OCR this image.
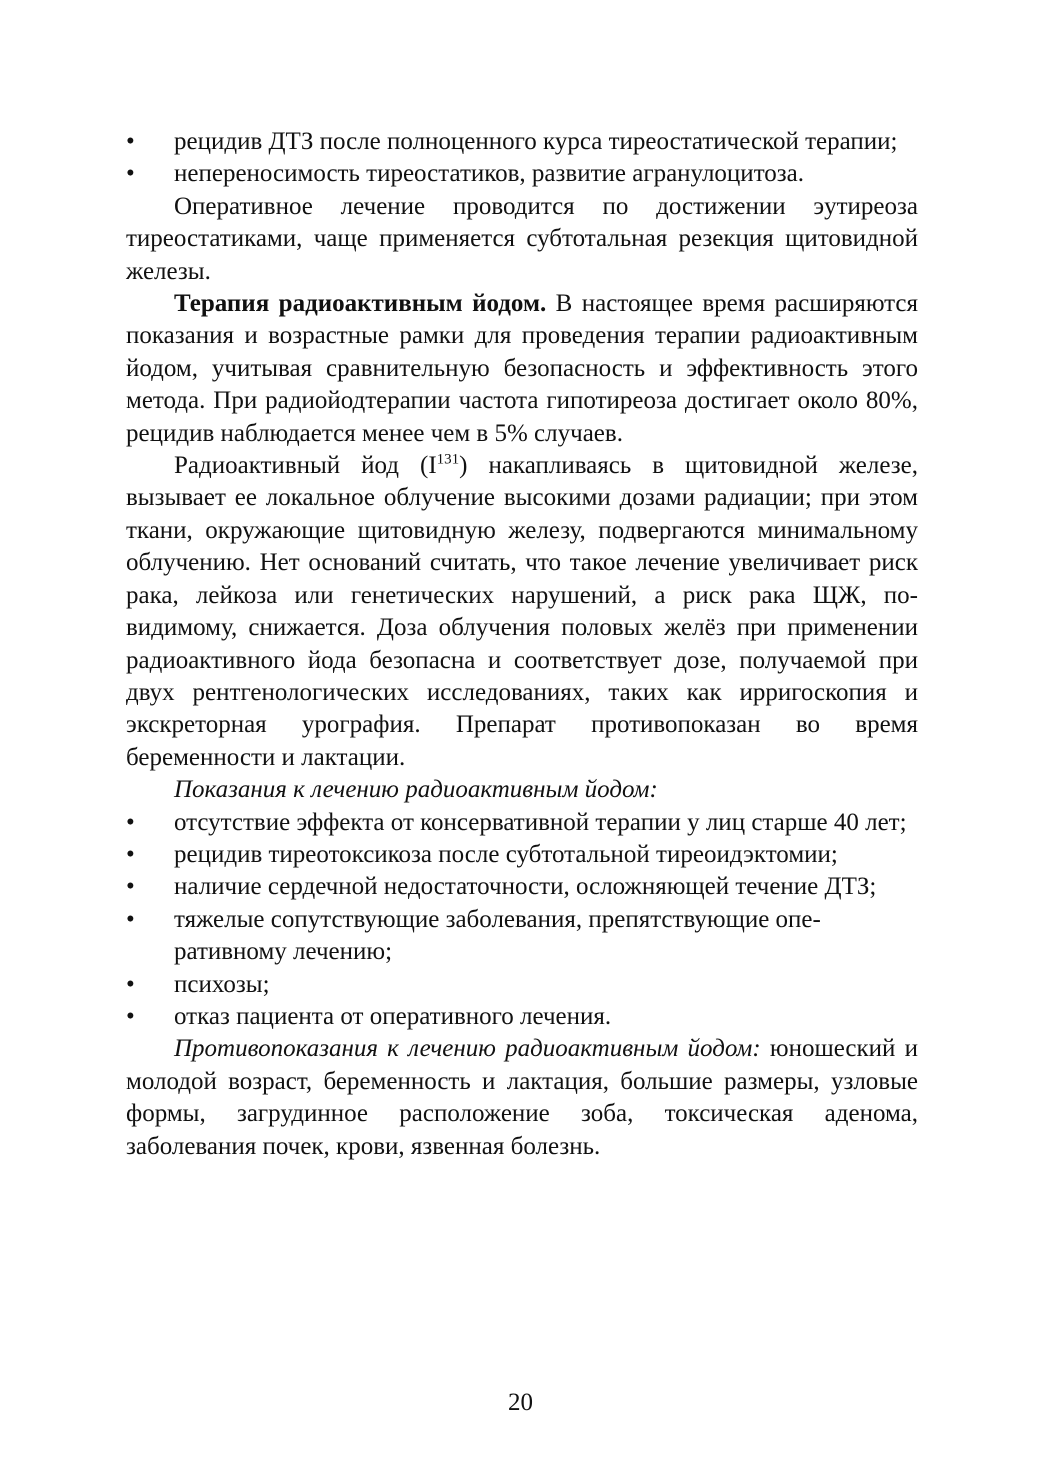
• рецидив ДТЗ после полноценного курса тиреостатической терапии;
• непереносимость тиреостатиков, развитие агранулоцитоза.

Оперативное лечение проводится по достижении эутиреоза тиреостатиками, чаще применяется субтотальная резекция щитовидной железы.

Терапия радиоактивным йодом. В настоящее время расширяются показания и возрастные рамки для проведения терапии радиоактивным йодом, учитывая сравнительную безопасность и эффективность этого метода. При радиойодтерапии частота гипотиреоза достигает около 80%, рецидив наблюдается менее чем в 5% случаев.

Радиоактивный йод $(I^{131})$ накапливаясь в щитовидной железе, вызывает ее локальное облучение высокими дозами радиации; при этом ткани, окружающие щитовидную железу, подвергаются минимальному облучению. Нет оснований считать, что такое лечение увеличивает риск рака, лейкоза или генетических нарушений, а риск рака ЩЖ, по-видимому, снижается. Доза облучения половых желёз при применении радиоактивного йода безопасна и соответствует дозе, получаемой при двух рентгенологических исследованиях, таких как ирригоскопия и экскреторная урография. Препарат противопоказан во время беременности и лактации.

Показания к лечению радиоактивным йодом:

• отсутствие эффекта от консервативной терапии у лиц старше 40 лет;
• рецидив тиреотоксикоза после субтотальной тиреоидэктомии;
• наличие сердечной недостаточности, осложняющей течение ДТЗ;
• тяжелые сопутствующие заболевания, препятствующие оперативному лечению;
• психозы;
• отказ пациента от оперативного лечения.

Противопоказания к лечению радиоактивным йодом: юношеский и молодой возраст, беременность и лактация, большие размеры, узловые формы, загрудинное расположение зоба, токсическая аденома, заболевания почек, крови, язвенная болезнь.

20
